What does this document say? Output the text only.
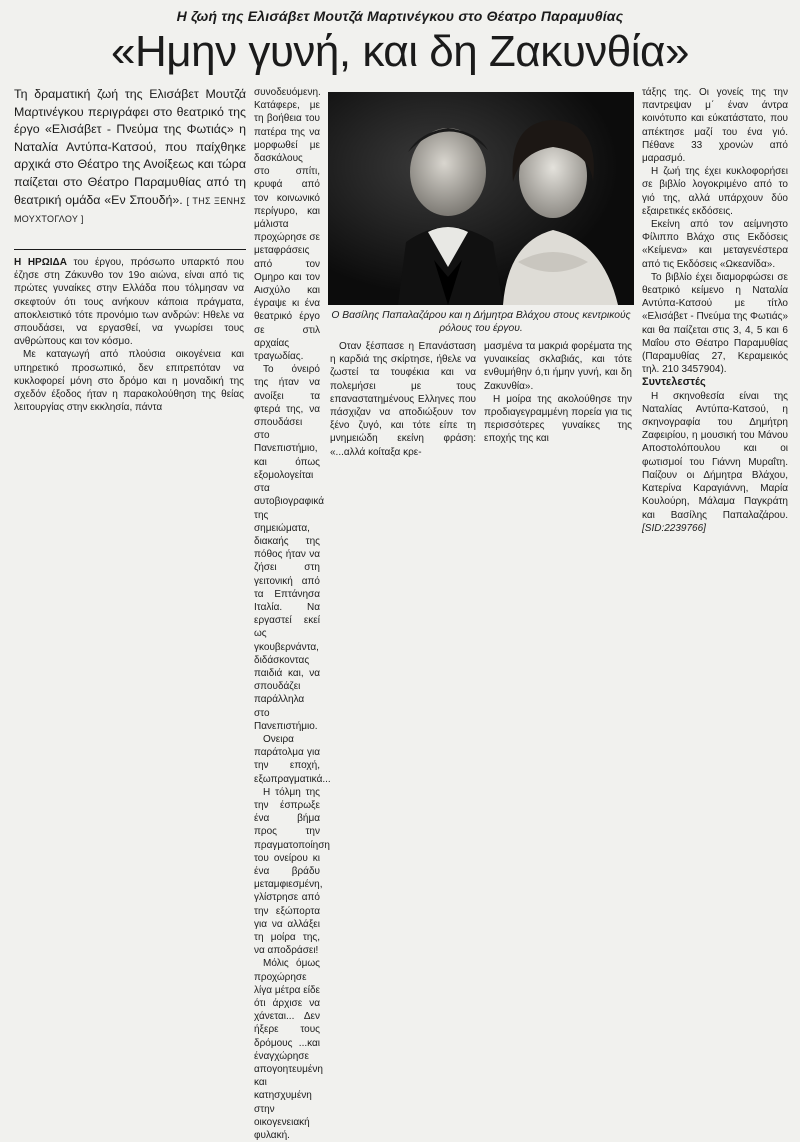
Η ζωή της Ελισάβετ Μουτζά Μαρτινέγκου στο Θέατρο Παραμυθίας
«Ημην γυνή, και δη Ζακυνθία»
Τη δραματική ζωή της Ελισάβετ Μουτζά Μαρτινέγκου περιγράφει στο θεατρικό της έργο «Ελισάβετ - Πνεύμα της Φωτιάς» η Ναταλία Αντύπα-Κατσού, που παίχθηκε αρχικά στο Θέατρο της Ανοίξεως και τώρα παίζεται στο Θέατρο Παραμυθίας από τη θεατρική ομάδα «Εν Σπουδή». [ ΤΗΣ ΞΕΝΗΣ ΜΟΥΧΤΟΓΛΟΥ ]

Η ΗΡΩΙΔΑ του έργου, πρόσωπο υπαρκτό που έζησε στη Ζάκυνθο τον 19ο αιώνα, είναι από τις πρώτες γυναίκες στην Ελλάδα που τόλμησαν να σκεφτούν ότι τους ανήκουν κάποια πράγματα, αποκλειστικό τότε προνόμιο των ανδρών: Ηθελε να σπουδάσει, να εργασθεί, να γνωρίσει τους ανθρώπους και τον κόσμο.

Με καταγωγή από πλούσια οικογένεια και υπηρετικό προσωπικό, δεν επιτρεπόταν να κυκλοφορεί μόνη στο δρόμο και η μοναδική της σχεδόν έξοδος ήταν η παρακολούθηση της θείας λειτουργίας στην εκκλησία, πάντα

συνοδευόμενη. Κατάφερε, με τη βοήθεια του πατέρα της να μορφωθεί με δασκάλους στο σπίτι, κρυφά από τον κοινωνικό περίγυρο, και μάλιστα προχώρησε σε μεταφράσεις από τον Ομηρο και τον Αισχύλο και έγραψε κι ένα θεατρικό έργο σε στιλ αρχαίας τραγωδίας.

Το όνειρό της ήταν να ανοίξει τα φτερά της, να σπουδάσει στο Πανεπιστήμιο, και όπως εξομολογείται στα αυτοβιογραφικά της σημειώματα, διακαής της πόθος ήταν να ζήσει στη γειτονική από τα Επτάνησα Ιταλία. Να εργαστεί εκεί ως γκουβερνάντα, διδάσκοντας παιδιά και, να σπουδάζει παράλληλα στο Πανεπιστήμιο.

Ονειρα παράτολμα για την εποχή, εξωπραγματικά...

Η τόλμη της την έσπρωξε ένα βήμα προς την πραγματοποίηση του ονείρου κι ένα βράδυ μεταμφιεσμένη, γλίστρησε από την εξώπορτα για να αλλάξει τη μοίρα της, να αποδράσει!

Μόλις όμως προχώρησε λίγα μέτρα είδε ότι άρχισε να χάνεται... Δεν ήξερε τους δρόμους ...και έναγχώρησε απογοητευμένη και κατησχυμένη στην οικογενειακή φυλακή.

Ο Βασίλης Παπαλαζάρου και η Δήμητρα Βλάχου στους κεντρικούς ρόλους του έργου.

Οταν ξέσπασε η Επανάσταση η καρδιά της σκίρτησε, ήθελε να ζωστεί τα τουφέκια και να πολεμήσει με τους επαναστατημένους Ελληνες που πάσχιζαν να αποδιώξουν τον ξένο ζυγό, και τότε είπε τη μνημειώδη εκείνη φράση: «...αλλά κοίταξα κρε-

μασμένα τα μακριά φορέματα της γυναικείας σκλαβιάς, και τότε ενθυμήθην ό,τι ήμην γυνή, και δη Ζακυνθία».

Η μοίρα της ακολούθησε την προδιαγεγραμμένη πορεία για τις περισσότερες γυναίκες της εποχής της και

τάξης της. Οι γονείς της την παντρεψαν μ΄ έναν άντρα κοινότυπο και εύκατάστατο, που απέκτησε μαζί του ένα γιό. Πέθανε 33 χρονών από μαρασμό.

Η ζωή της έχει κυκλοφορήσει σε βιβλίο λογοκριμένο από το γιό της, αλλά υπάρχουν δύο εξαιρετικές εκδόσεις.

Εκείνη από τον αείμνηστο Φίλιππο Βλάχο στις Εκδόσεις «Κείμενα» και μεταγενέστερα από τις Εκδόσεις «Ωκεανίδα».

Το βιβλίο έχει διαμορφώσει σε θεατρικό κείμενο η Ναταλία Αντύπα-Κατσού με τίτλο «Ελισάβετ - Πνεύμα της Φωτιάς» και θα παίζεται στις 3, 4, 5 και 6 Μαΐου στο Θέατρο Παραμυθίας (Παραμυθίας 27, Κεραμεικός τηλ. 210 3457904).

Συντελεστές

Η σκηνοθεσία είναι της Ναταλίας Αντύπα-Κατσού, η σκηνογραφία του Δημήτρη Ζαφειρίου, η μουσική του Μάνου Αποστολόπουλου και οι φωτισμοί του Γιάννη Μυραΐτη. Παίζουν οι Δήμητρα Βλάχου, Κατερίνα Καραγιάννη, Μαρία Κουλούρη, Μάλαμα Παγκράτη και Βασίλης Παπαλαζάρου. [SID:2239766]
